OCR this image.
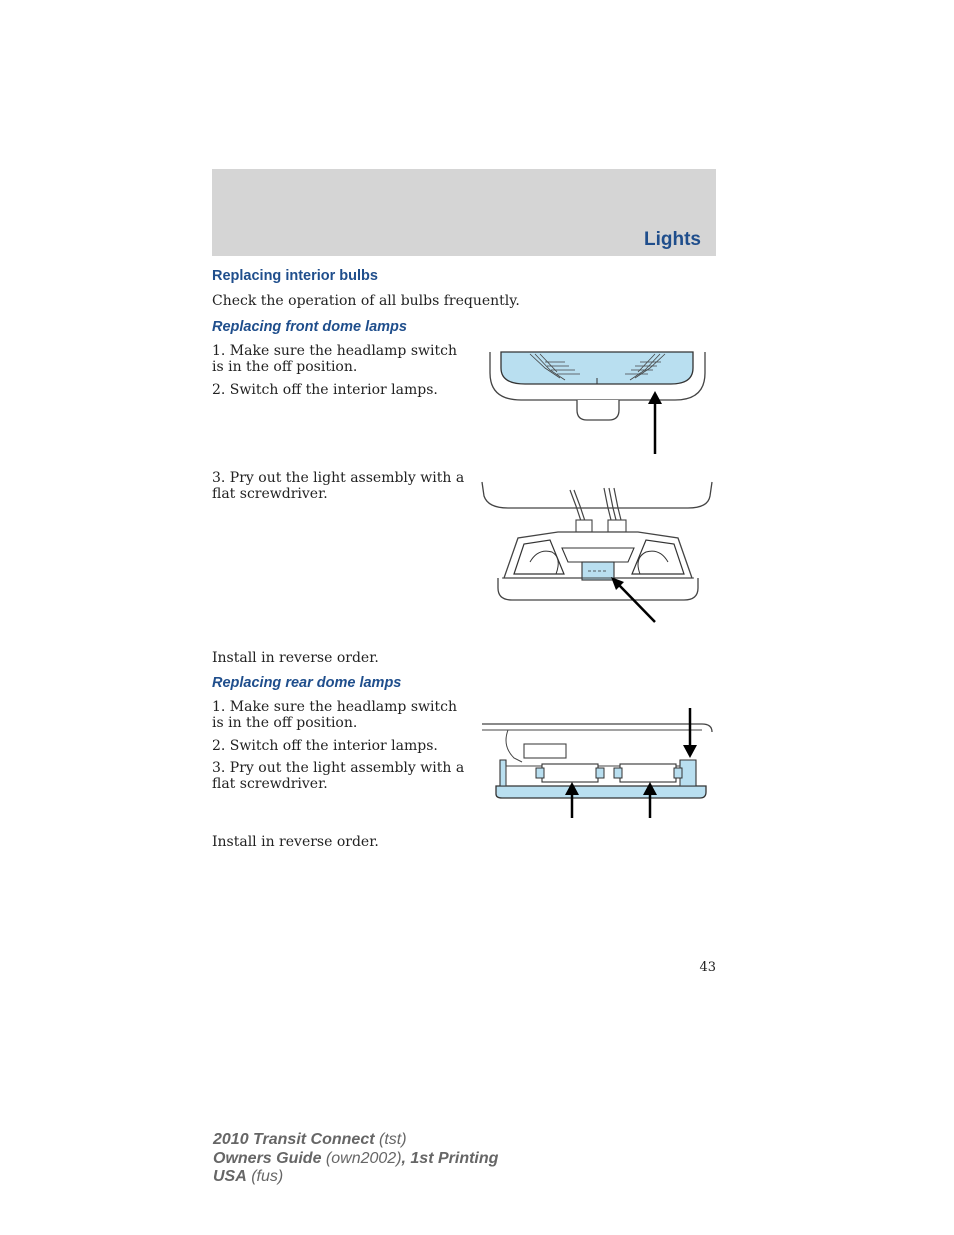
Lights
Replacing interior bulbs
Check the operation of all bulbs frequently.
Replacing front dome lamps
1. Make sure the headlamp switch is in the off position.
2. Switch off the interior lamps.
3. Pry out the light assembly with a flat screwdriver.
Install in reverse order.
Replacing rear dome lamps
1. Make sure the headlamp switch is in the off position.
2. Switch off the interior lamps.
3. Pry out the light assembly with a flat screwdriver.
Install in reverse order.
43
2010 Transit Connect (tst)
Owners Guide (own2002), 1st Printing
USA (fus)
